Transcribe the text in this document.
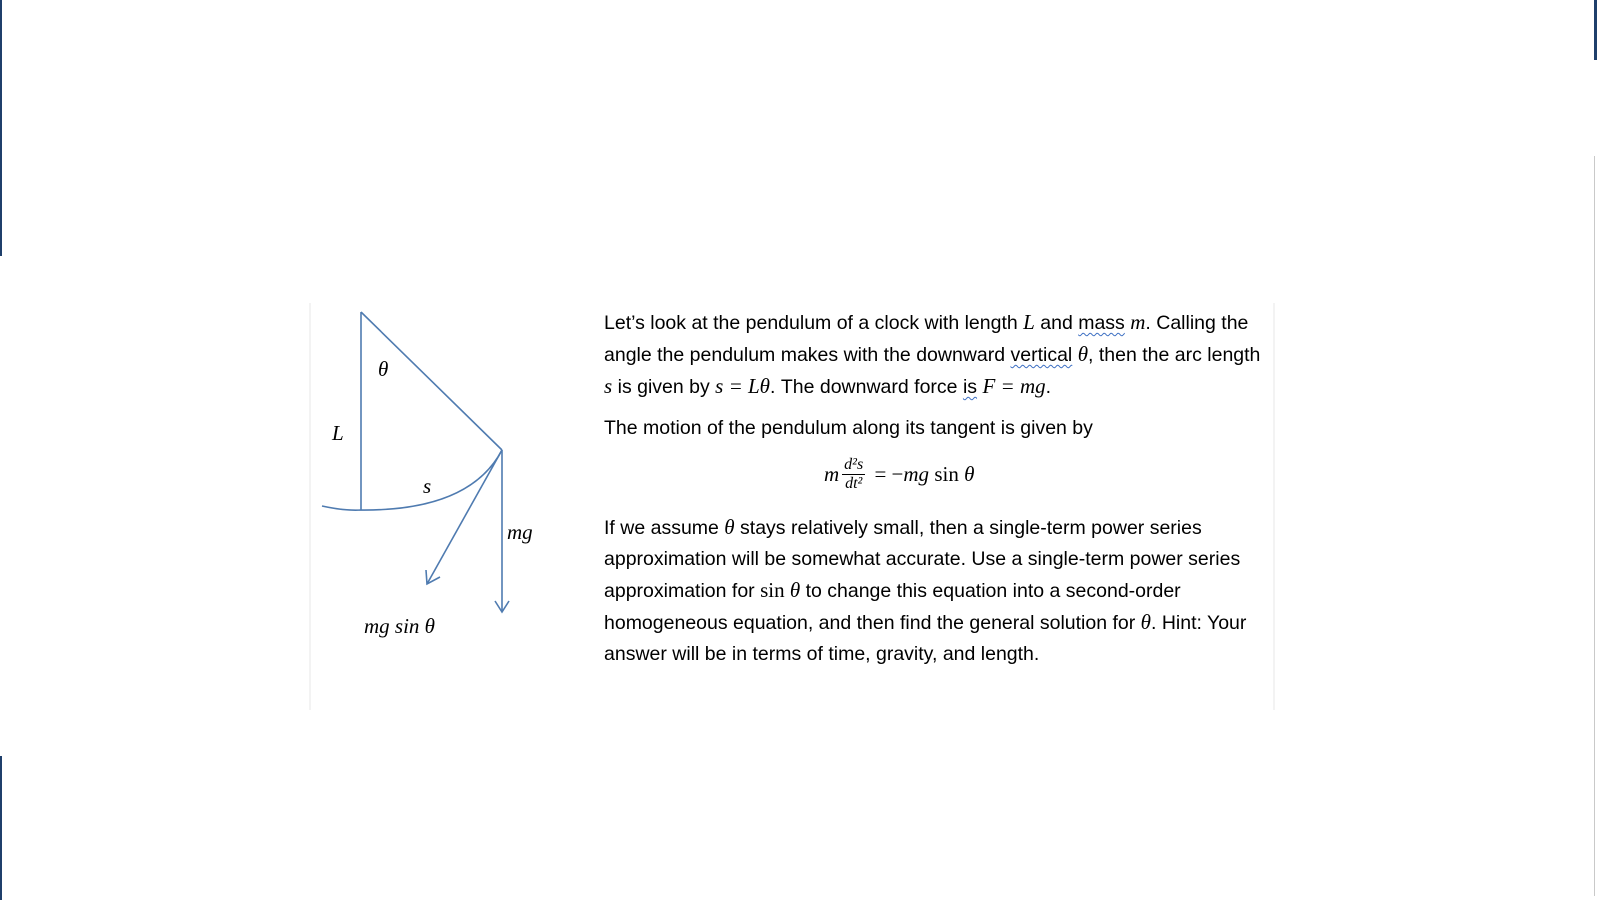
θ
L
s
mg
mg sin θ

Let’s look at the pendulum of a clock with length L and mass m. Calling the angle the pendulum makes with the downward vertical θ, then the arc length s is given by s = Lθ. The downward force is F = mg.

The motion of the pendulum along its tangent is given by

m $\frac{\text{d²s}}{\text{dt²}}$ = − mg sin θ

If we assume θ stays relatively small, then a single-term power series approximation will be somewhat accurate. Use a single-term power series approximation for sin θ to change this equation into a second-order homogeneous equation, and then find the general solution for θ. Hint: Your answer will be in terms of time, gravity, and length.
